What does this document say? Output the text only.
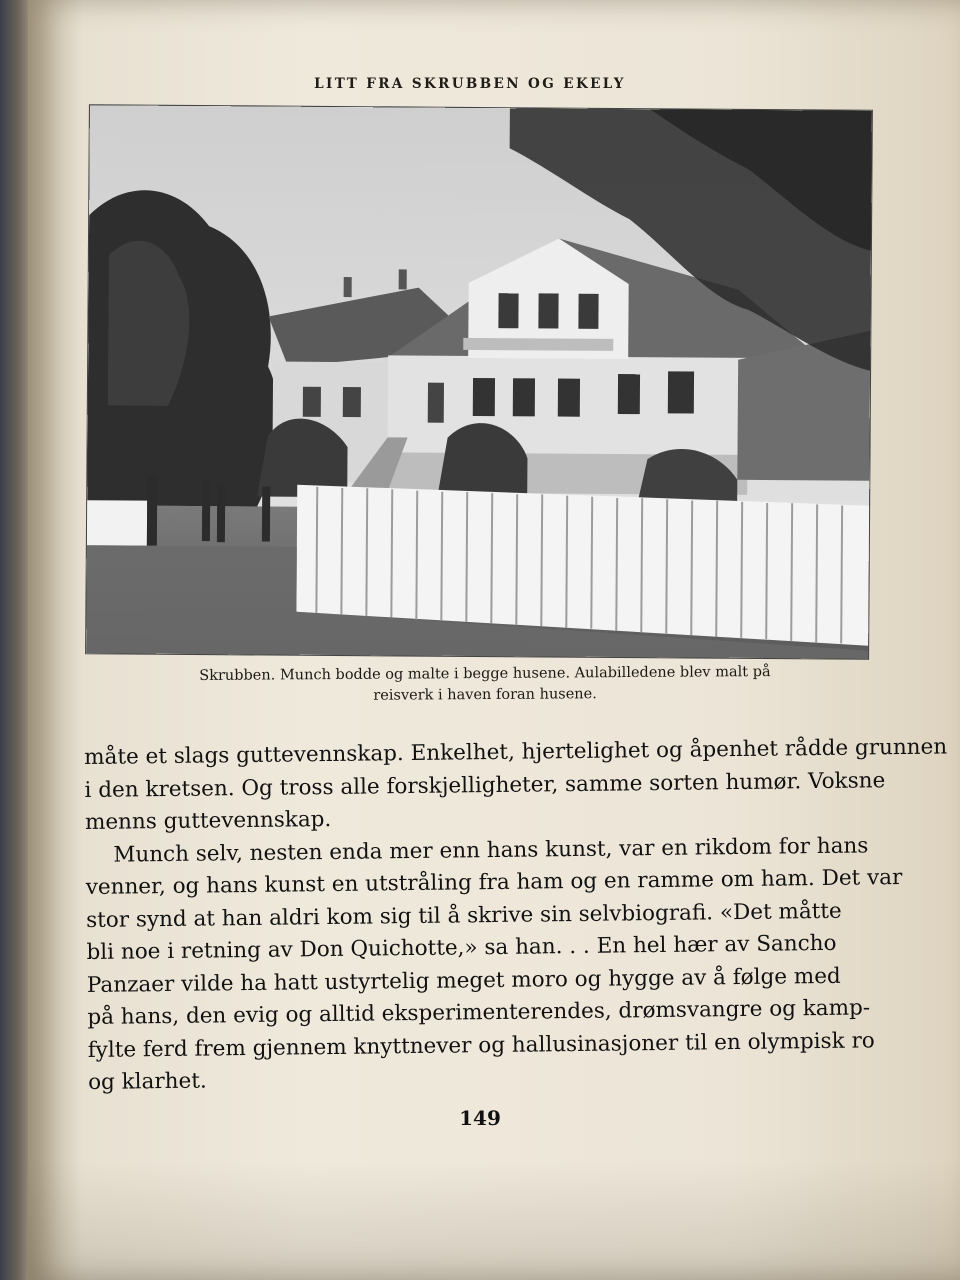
LITT FRA SKRUBBEN OG EKELY
Skrubben. Munch bodde og malte i begge husene. Aulabilledene blev malt på
reisverk i haven foran husene.
måte et slags guttevennskap. Enkelhet, hjertelighet og åpenhet rådde grunnen
i den kretsen. Og tross alle forskjelligheter, samme sorten humør. Voksne
menns guttevennskap.
Munch selv, nesten enda mer enn hans kunst, var en rikdom for hans
venner, og hans kunst en utstråling fra ham og en ramme om ham. Det var
stor synd at han aldri kom sig til å skrive sin selvbiografi. «Det måtte
bli noe i retning av Don Quichotte,» sa han. . . En hel hær av Sancho
Panzaer vilde ha hatt ustyrtelig meget moro og hygge av å følge med
på hans, den evig og alltid eksperimenterendes, drømsvangre og kamp-
fylte ferd frem gjennem knyttnever og hallusinasjoner til en olympisk ro
og klarhet.
149
